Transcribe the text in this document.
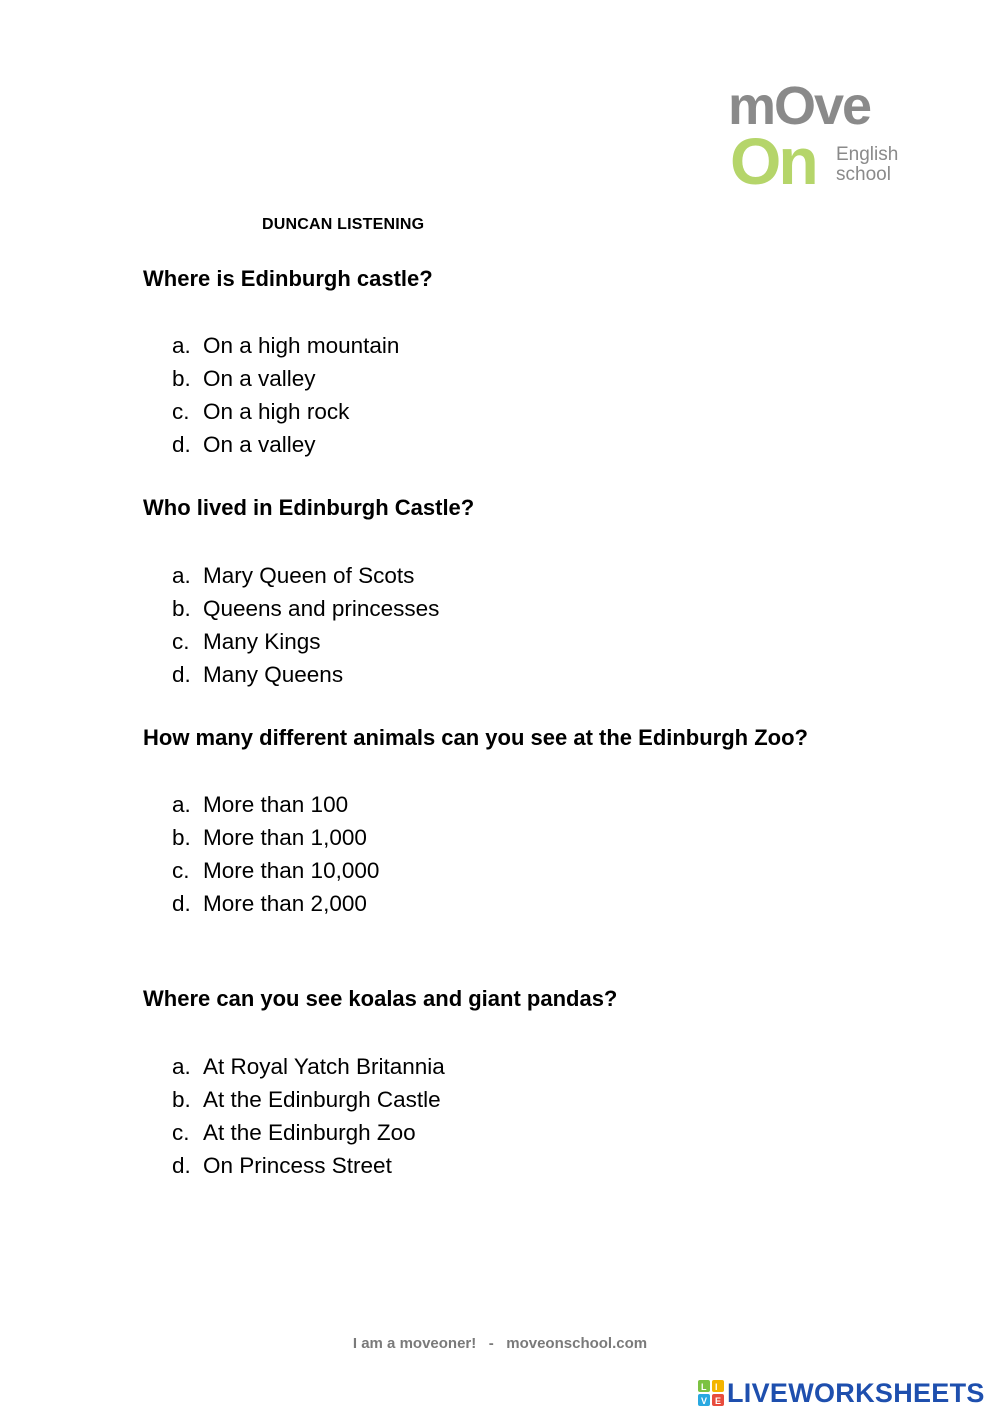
mOve
On English
school
DUNCAN LISTENING
Where is Edinburgh castle?
a. On a high mountain
b. On a valley
c. On a high rock
d. On a valley
Who lived in Edinburgh Castle?
a. Mary Queen of Scots
b. Queens and princesses
c. Many Kings
d. Many Queens
How many different animals can you see at the Edinburgh Zoo?
a. More than 100
b. More than 1,000
c. More than 10,000
d. More than 2,000
Where can you see koalas and giant pandas?
a. At Royal Yatch Britannia
b. At the Edinburgh Castle
c. At the Edinburgh Zoo
d. On Princess Street
I am a moveoner!   -   moveonschool.com
L I
V E LIVEWORKSHEETS
